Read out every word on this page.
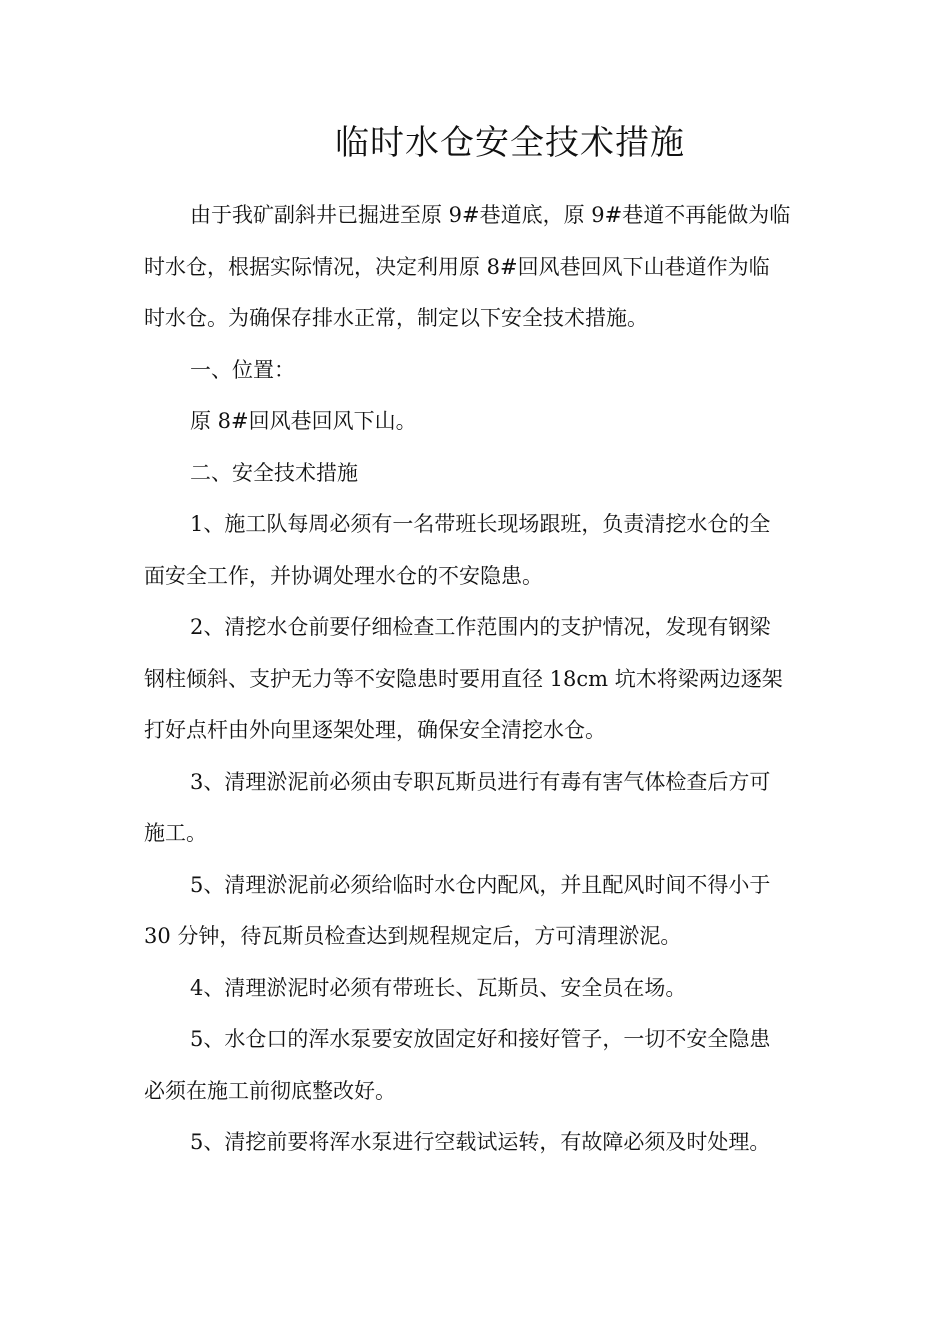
临时水仓安全技术措施
由于我矿副斜井已掘进至原 9#巷道底，原 9#巷道不再能做为临
时水仓，根据实际情况，决定利用原 8#回风巷回风下山巷道作为临
时水仓。为确保存排水正常，制定以下安全技术措施。
一、位置：
原 8#回风巷回风下山。
二、安全技术措施
1、施工队每周必须有一名带班长现场跟班，负责清挖水仓的全
面安全工作，并协调处理水仓的不安隐患。
2、清挖水仓前要仔细检查工作范围内的支护情况，发现有钢梁
钢柱倾斜、支护无力等不安隐患时要用直径 18cm 坑木将梁两边逐架
打好点杆由外向里逐架处理，确保安全清挖水仓。
3、清理淤泥前必须由专职瓦斯员进行有毒有害气体检查后方可
施工。
5、清理淤泥前必须给临时水仓内配风，并且配风时间不得小于
30 分钟，待瓦斯员检查达到规程规定后，方可清理淤泥。
4、清理淤泥时必须有带班长、瓦斯员、安全员在场。
5、水仓口的浑水泵要安放固定好和接好管子，一切不安全隐患
必须在施工前彻底整改好。
5、清挖前要将浑水泵进行空载试运转，有故障必须及时处理。
